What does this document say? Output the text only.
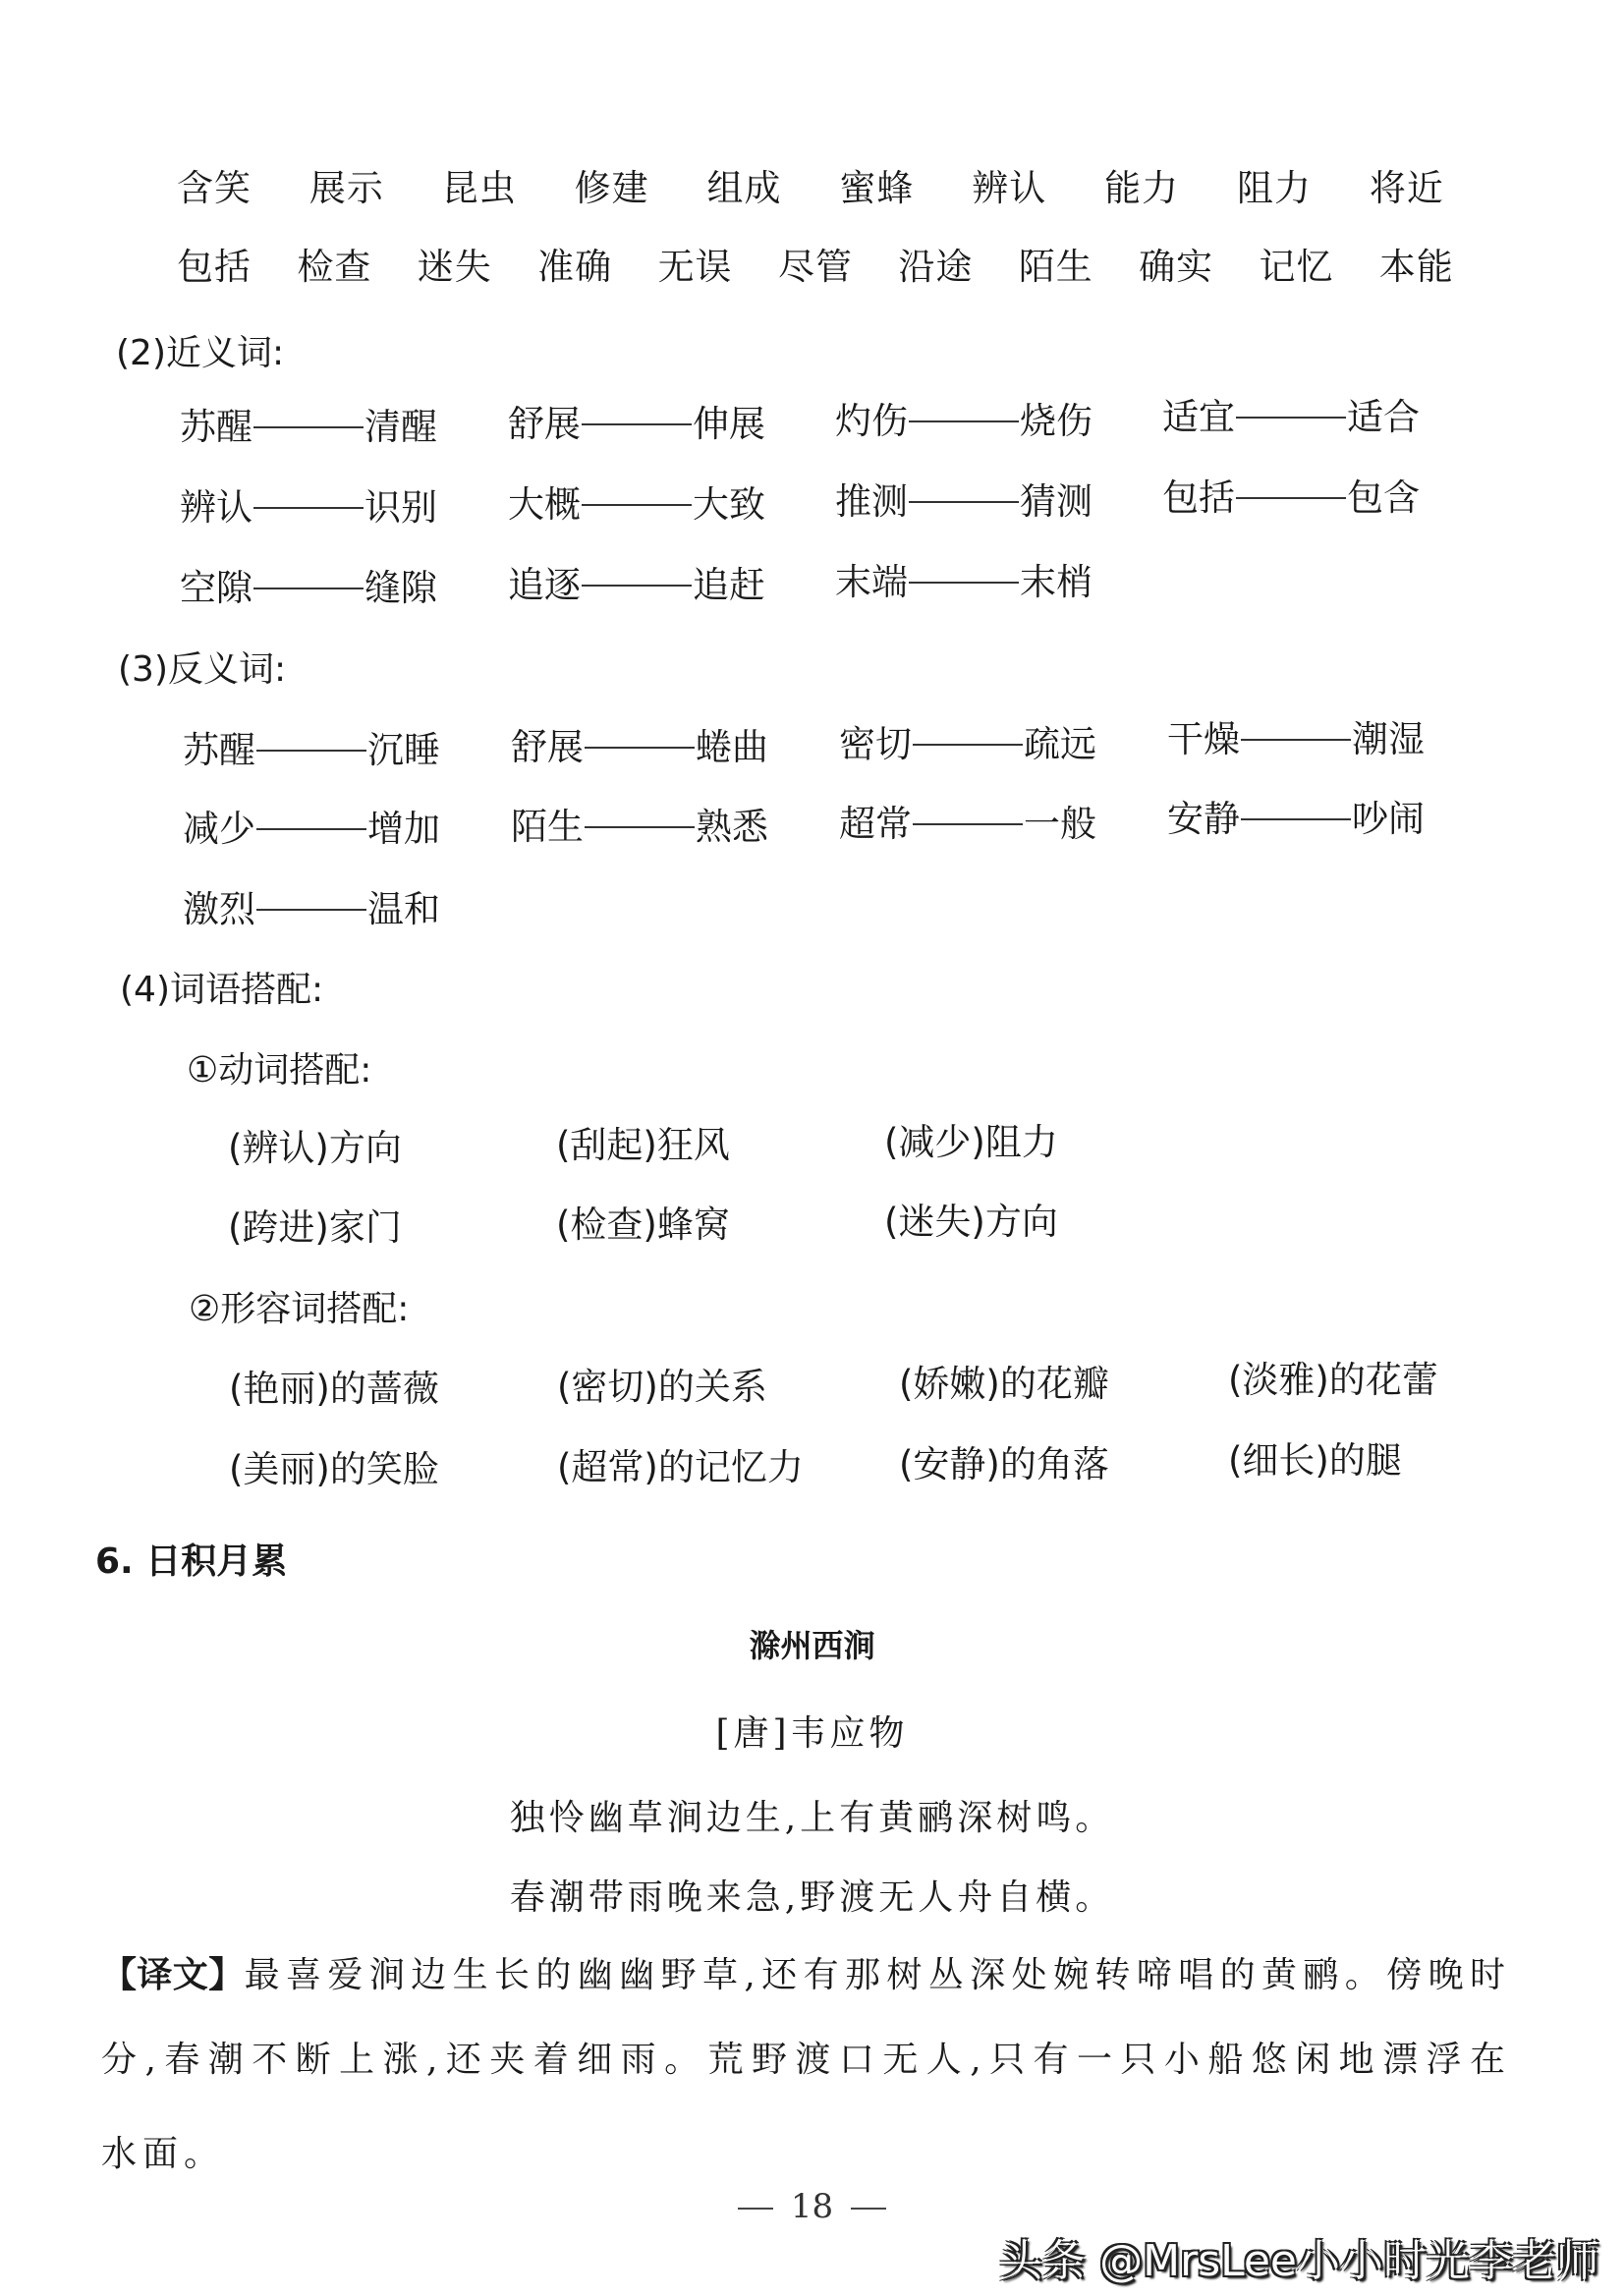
含笑 展示 昆虫 修建 组成 蜜蜂 辨认 能力 阻力 将近
包括 检查 迷失 准确 无误 尽管 沿途 陌生 确实 记忆 本能
(2)近义词:
苏醒	清醒 舒展	伸展 灼伤	烧伤 适宜	适合
辨认	识别 大概	大致 推测	猜测 包括	包含
空隙	缝隙 追逐	追赶 末端	末梢
(3)反义词:
苏醒	沉睡 舒展	蜷曲 密切	疏远 干燥	潮湿
减少	增加 陌生	熟悉 超常	一般 安静	吵闹
激烈	温和
(4)词语搭配:
①动词搭配:
(辨认)方向	(刮起)狂风	(减少)阻力
(跨进)家门	(检查)蜂窝	(迷失)方向
②形容词搭配:
(艳丽)的蔷薇	(密切)的关系	(娇嫩)的花瓣	(淡雅)的花蕾
(美丽)的笑脸	(超常)的记忆力	(安静)的角落	(细长)的腿
6. 日积月累
滁州西涧
[唐]韦应物
独怜幽草涧边生,上有黄鹂深树鸣。
春潮带雨晚来急,野渡无人舟自横。
【译文】最喜爱涧边生长的幽幽野草,还有那树丛深处婉转啼唱的黄鹂。傍晚时
分,春潮不断上涨,还夹着细雨。荒野渡口无人,只有一只小船悠闲地漂浮在
水面。
18
头条 @MrsLee小小时光李老师
